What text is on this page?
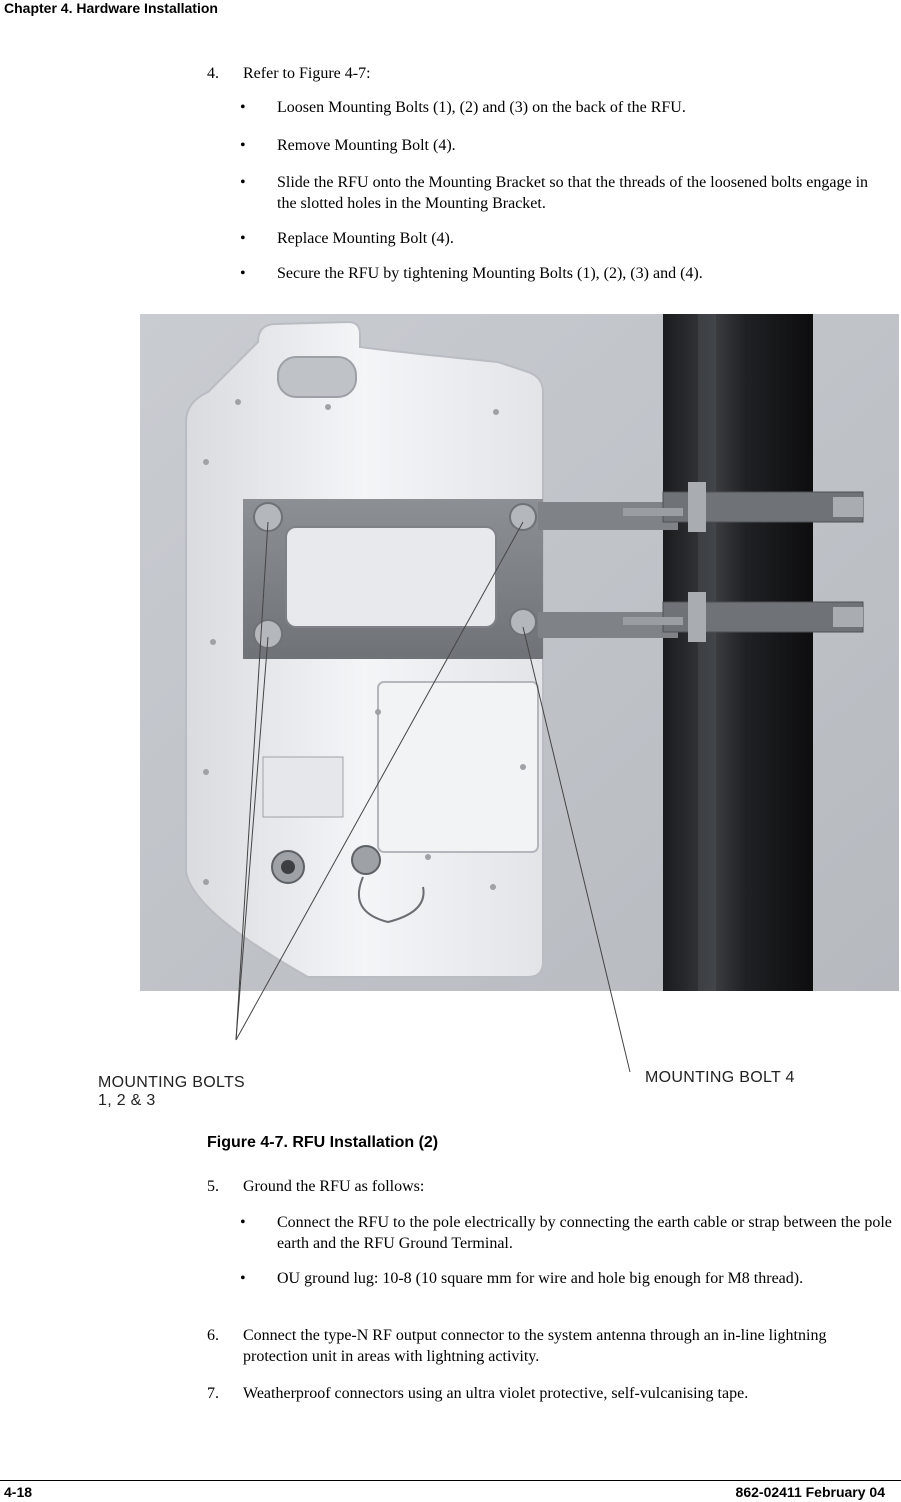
Chapter 4. Hardware Installation
4.	Refer to Figure 4-7:
• Loosen Mounting Bolts (1), (2) and (3) on the back of the RFU.
• Remove Mounting Bolt (4).
• Slide the RFU onto the Mounting Bracket so that the threads of the loosened bolts engage in the slotted holes in the Mounting Bracket.
• Replace Mounting Bolt (4).
• Secure the RFU by tightening Mounting Bolts (1), (2), (3) and (4).
MOUNTING BOLTS
1, 2 & 3
MOUNTING BOLT 4
Figure 4-7. RFU Installation (2)
5.	Ground the RFU as follows:
• Connect the RFU to the pole electrically by connecting the earth cable or strap between the pole earth and the RFU Ground Terminal.
• OU ground lug: 10-8 (10 square mm for wire and hole big enough for M8 thread).
6.	Connect the type-N RF output connector to the system antenna through an in-line lightning protection unit in areas with lightning activity.
7.	Weatherproof connectors using an ultra violet protective, self-vulcanising tape.
4-18	862-02411 February 04
